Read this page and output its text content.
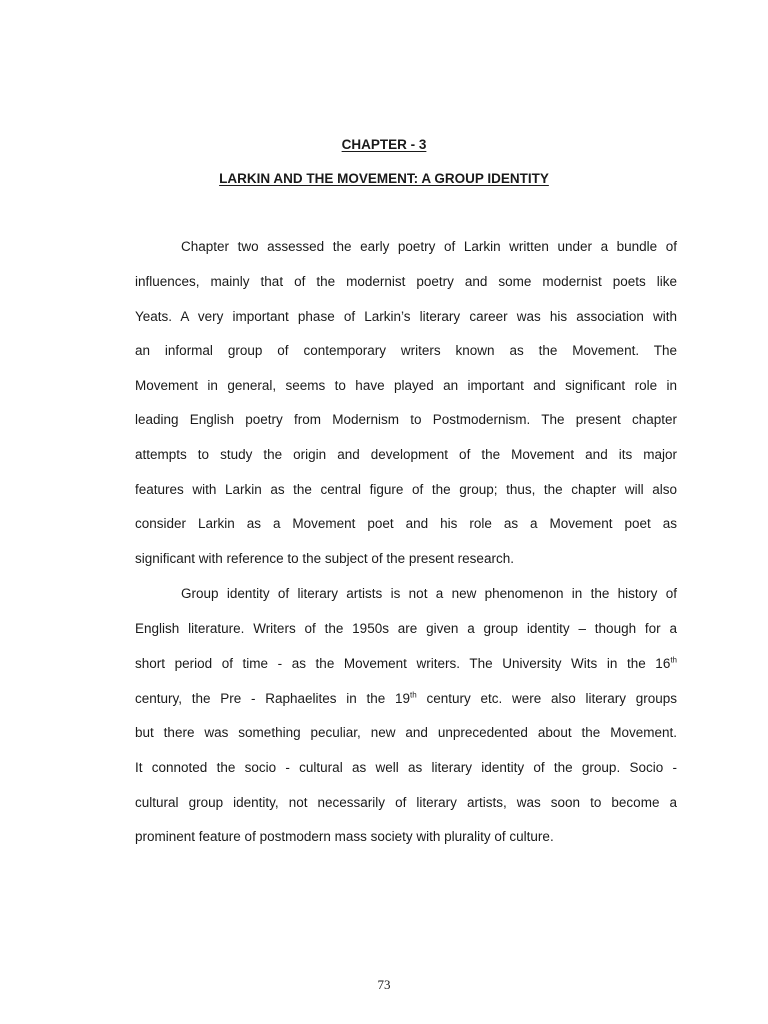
CHAPTER - 3
LARKIN AND THE MOVEMENT: A GROUP IDENTITY
Chapter two assessed the early poetry of Larkin written under a bundle of
influences, mainly that of the modernist poetry and some modernist poets like
Yeats. A very important phase of Larkin’s literary career was his association with
an informal group of contemporary writers known as the Movement. The
Movement in general, seems to have played an important and significant role in
leading English poetry from Modernism to Postmodernism. The present chapter
attempts to study the origin and development of the Movement and its major
features with Larkin as the central figure of the group; thus, the chapter will also
consider Larkin as a Movement poet and his role as a Movement poet as
significant with reference to the subject of the present research.
Group identity of literary artists is not a new phenomenon in the history of
English literature. Writers of the 1950s are given a group identity – though for a
short period of time - as the Movement writers. The University Wits in the 16th
century, the Pre - Raphaelites in the 19th century etc. were also literary groups
but there was something peculiar, new and unprecedented about the Movement.
It connoted the socio - cultural as well as literary identity of the group. Socio -
cultural group identity, not necessarily of literary artists, was soon to become a
prominent feature of postmodern mass society with plurality of culture.
73
